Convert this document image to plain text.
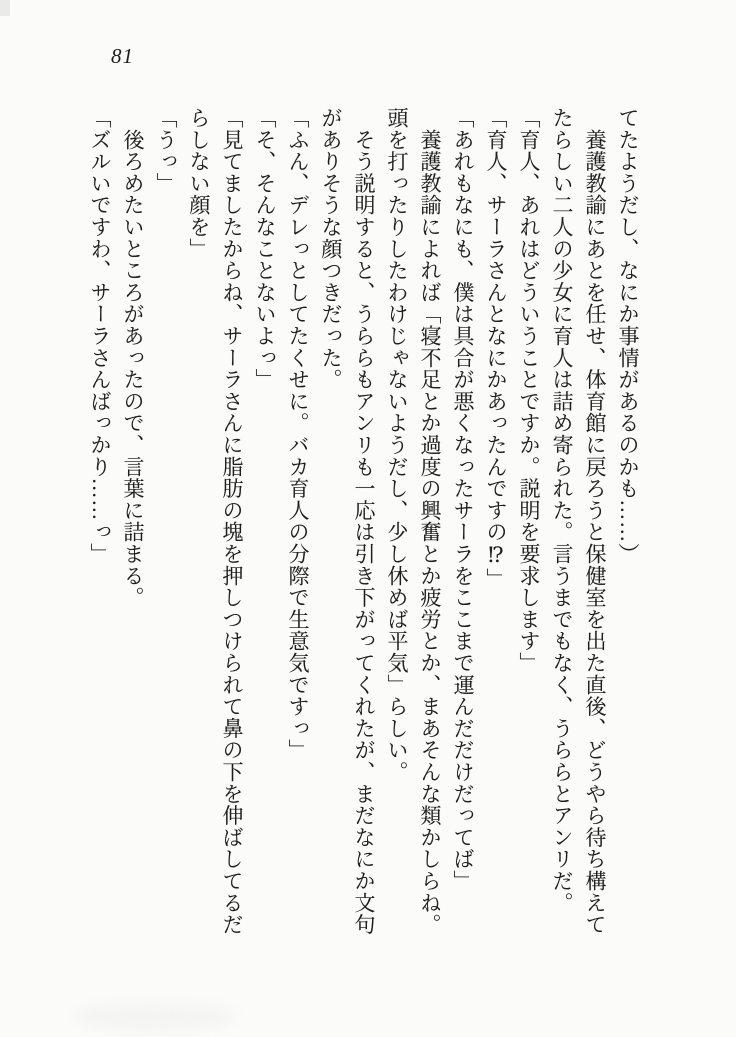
81

てたようだし、なにか事情があるのかも……）

　養護教諭にあとを任せ、体育館に戻ろうと保健室を出た直後、どうやら待ち構えてたらしい二人の少女に育人は詰め寄られた。言うまでもなく、うららとアンリだ。

「育人、あれはどういうことですか。説明を要求します」

「育人、サーラさんとなにかあったんですの⁉」

「あれもなにも、僕は具合が悪くなったサーラをここまで運んだだけだってば」

　養護教諭によれば「寝不足とか過度の興奮とか疲労とか、まあそんな類かしらね。頭を打ったりしたわけじゃないようだし、少し休めば平気」らしい。

　そう説明すると、うららもアンリも一応は引き下がってくれたが、まだなにか文句がありそうな顔つきだった。

「ふん、デレっとしてたくせに。バカ育人の分際で生意気ですっ」

「そ、そんなことないよっ」

「見てましたからね、サーラさんに脂肪の塊を押しつけられて鼻の下を伸ばしてるだらしない顔を」

「うっ」

　後ろめたいところがあったので、言葉に詰まる。

「ズルいですわ、サーラさんばっかり……っ」
